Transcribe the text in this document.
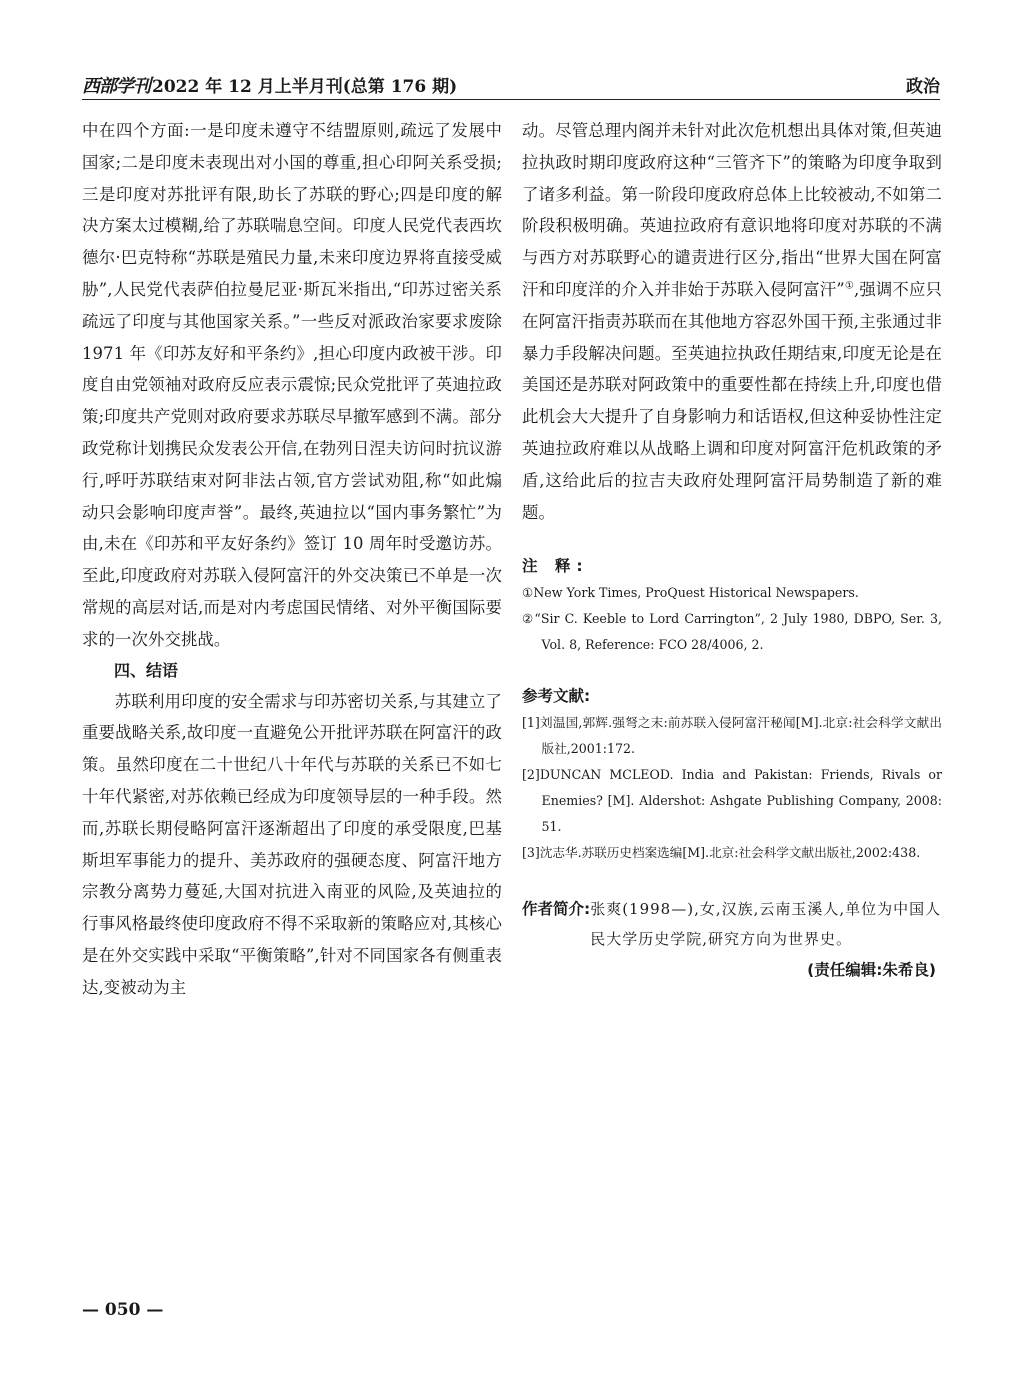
西部学刊 2022 年 12 月上半月刊(总第 176 期)	政治

中在四个方面:一是印度未遵守不结盟原则,疏远了发展中国家;二是印度未表现出对小国的尊重,担心印阿关系受损;三是印度对苏批评有限,助长了苏联的野心;四是印度的解决方案太过模糊,给了苏联喘息空间。印度人民党代表西坎德尔·巴克特称“苏联是殖民力量,未来印度边界将直接受威胁”,人民党代表萨伯拉曼尼亚·斯瓦米指出,“印苏过密关系疏远了印度与其他国家关系。”一些反对派政治家要求废除 1971 年《印苏友好和平条约》,担心印度内政被干涉。印度自由党领袖对政府反应表示震惊;民众党批评了英迪拉政策;印度共产党则对政府要求苏联尽早撤军感到不满。部分政党称计划携民众发表公开信,在勃列日涅夫访问时抗议游行,呼吁苏联结束对阿非法占领,官方尝试劝阻,称“如此煽动只会影响印度声誉”。最终,英迪拉以“国内事务繁忙”为由,未在《印苏和平友好条约》签订 10 周年时受邀访苏。至此,印度政府对苏联入侵阿富汗的外交决策已不单是一次常规的高层对话,而是对内考虑国民情绪、对外平衡国际要求的一次外交挑战。

四、结语

苏联利用印度的安全需求与印苏密切关系,与其建立了重要战略关系,故印度一直避免公开批评苏联在阿富汗的政策。虽然印度在二十世纪八十年代与苏联的关系已不如七十年代紧密,对苏依赖已经成为印度领导层的一种手段。然而,苏联长期侵略阿富汗逐渐超出了印度的承受限度,巴基斯坦军事能力的提升、美苏政府的强硬态度、阿富汗地方宗教分离势力蔓延,大国对抗进入南亚的风险,及英迪拉的行事风格最终使印度政府不得不采取新的策略应对,其核心是在外交实践中采取“平衡策略”,针对不同国家各有侧重表达,变被动为主

动。尽管总理内阁并未针对此次危机想出具体对策,但英迪拉执政时期印度政府这种“三管齐下”的策略为印度争取到了诸多利益。第一阶段印度政府总体上比较被动,不如第二阶段积极明确。英迪拉政府有意识地将印度对苏联的不满与西方对苏联野心的谴责进行区分,指出“世界大国在阿富汗和印度洋的介入并非始于苏联入侵阿富汗”①,强调不应只在阿富汗指责苏联而在其他地方容忍外国干预,主张通过非暴力手段解决问题。至英迪拉执政任期结束,印度无论是在美国还是苏联对阿政策中的重要性都在持续上升,印度也借此机会大大提升了自身影响力和话语权,但这种妥协性注定英迪拉政府难以从战略上调和印度对阿富汗危机政策的矛盾,这给此后的拉吉夫政府处理阿富汗局势制造了新的难题。

注 释:

①New York Times, ProQuest Historical Newspapers.

②“Sir C. Keeble to Lord Carrington”, 2 July 1980, DBPO, Ser. 3, Vol. 8, Reference: FCO 28/4006, 2.

参考文献:

[1]刘温国,郭辉.强弩之末:前苏联入侵阿富汗秘闻[M].北京:社会科学文献出版社,2001:172.

[2]DUNCAN MCLEOD. India and Pakistan: Friends, Rivals or Enemies? [M]. Aldershot: Ashgate Publishing Company, 2008: 51.

[3]沈志华.苏联历史档案选编[M].北京:社会科学文献出版社,2002:438.

作者简介: 张爽(1998—),女,汉族,云南玉溪人,单位为中国人民大学历史学院,研究方向为世界史。
(责任编辑:朱希良)
— 050 —
